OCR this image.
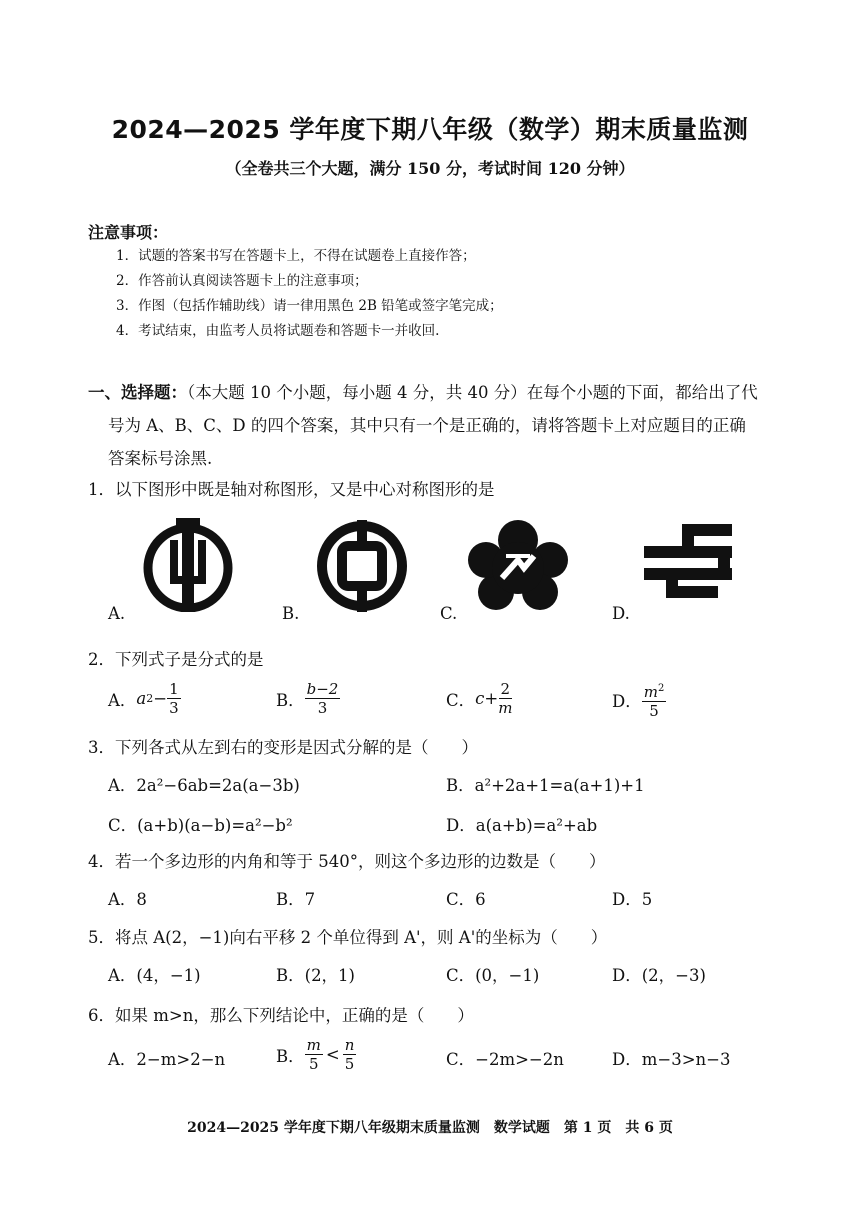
2024—2025 学年度下期八年级（数学）期末质量监测
（全卷共三个大题，满分 150 分，考试时间 120 分钟）
注意事项：
1．试题的答案书写在答题卡上，不得在试题卷上直接作答；
2．作答前认真阅读答题卡上的注意事项；
3．作图（包括作辅助线）请一律用黑色 2B 铅笔或签字笔完成；
4．考试结束，由监考人员将试题卷和答题卡一并收回.
一、选择题：（本大题 10 个小题，每小题 4 分，共 40 分）在每个小题的下面，都给出了代
号为 A、B、C、D 的四个答案，其中只有一个是正确的，请将答题卡上对应题目的正确
答案标号涂黑.
1．以下图形中既是轴对称图形，又是中心对称图形的是
A.	B.	C.	D.
2．下列式子是分式的是
A． a $2 - \frac{1}{3}$	B． $\frac{b-2}{3}$	C． $c+ \frac{2}{m}$	D． $\frac{m^2}{5}$
3．下列各式从左到右的变形是因式分解的是（　　）
A．2a²−6ab=2a(a−3b)	B．a²+2a+1=a(a+1)+1
C．(a+b)(a−b)=a²−b²	D．a(a+b)=a²+ab
4．若一个多边形的内角和等于 540°，则这个多边形的边数是（　　）
A．8	B．7	C．6	D．5
5．将点 A(2，−1)向右平移 2 个单位得到 A'，则 A'的坐标为（　　）
A．(4，−1)	B．(2，1)	C．(0，−1)	D．(2，−3)
6．如果 m>n，那么下列结论中，正确的是（　　）
A．2−m>2−n	B． $\frac{m}{5} < \frac{n}{5}$	C．−2m>−2n	D．m−3>n−3
2024—2025 学年度下期八年级期末质量监测　数学试题　第 1 页　共 6 页
